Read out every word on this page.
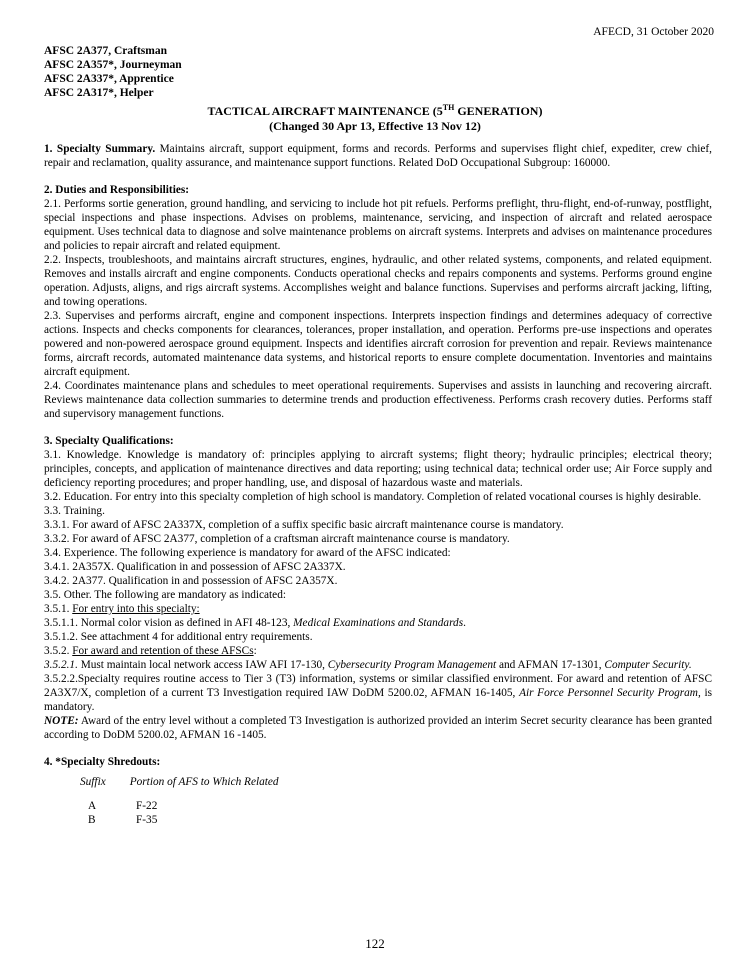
AFECD, 31 October 2020
AFSC 2A377, Craftsman
AFSC 2A357*, Journeyman
AFSC 2A337*, Apprentice
AFSC 2A317*, Helper
TACTICAL AIRCRAFT MAINTENANCE (5TH GENERATION)
(Changed 30 Apr 13, Effective 13 Nov 12)

1. Specialty Summary. Maintains aircraft, support equipment, forms and records. Performs and supervises flight chief, expediter, crew chief, repair and reclamation, quality assurance, and maintenance support functions. Related DoD Occupational Subgroup: 160000.

2. Duties and Responsibilities:

2.1. Performs sortie generation, ground handling, and servicing to include hot pit refuels. Performs preflight, thru-flight, end-of-runway, postflight, special inspections and phase inspections. Advises on problems, maintenance, servicing, and inspection of aircraft and related aerospace equipment. Uses technical data to diagnose and solve maintenance problems on aircraft systems. Interprets and advises on maintenance procedures and policies to repair aircraft and related equipment.

2.2. Inspects, troubleshoots, and maintains aircraft structures, engines, hydraulic, and other related systems, components, and related equipment. Removes and installs aircraft and engine components. Conducts operational checks and repairs components and systems. Performs ground engine operation. Adjusts, aligns, and rigs aircraft systems. Accomplishes weight and balance functions. Supervises and performs aircraft jacking, lifting, and towing operations.

2.3. Supervises and performs aircraft, engine and component inspections. Interprets inspection findings and determines adequacy of corrective actions. Inspects and checks components for clearances, tolerances, proper installation, and operation. Performs pre-use inspections and operates powered and non-powered aerospace ground equipment. Inspects and identifies aircraft corrosion for prevention and repair. Reviews maintenance forms, aircraft records, automated maintenance data systems, and historical reports to ensure complete documentation. Inventories and maintains aircraft equipment.

2.4. Coordinates maintenance plans and schedules to meet operational requirements. Supervises and assists in launching and recovering aircraft. Reviews maintenance data collection summaries to determine trends and production effectiveness. Performs crash recovery duties. Performs staff and supervisory management functions.

3. Specialty Qualifications:

3.1. Knowledge. Knowledge is mandatory of: principles applying to aircraft systems; flight theory; hydraulic principles; electrical theory; principles, concepts, and application of maintenance directives and data reporting; using technical data; technical order use; Air Force supply and deficiency reporting procedures; and proper handling, use, and disposal of hazardous waste and materials.

3.2. Education. For entry into this specialty completion of high school is mandatory. Completion of related vocational courses is highly desirable.

3.3. Training.

3.3.1. For award of AFSC 2A337X, completion of a suffix specific basic aircraft maintenance course is mandatory.

3.3.2. For award of AFSC 2A377, completion of a craftsman aircraft maintenance course is mandatory.

3.4. Experience. The following experience is mandatory for award of the AFSC indicated:

3.4.1. 2A357X. Qualification in and possession of AFSC 2A337X.

3.4.2. 2A377. Qualification in and possession of AFSC 2A357X.

3.5. Other. The following are mandatory as indicated:

3.5.1. For entry into this specialty:

3.5.1.1. Normal color vision as defined in AFI 48-123, Medical Examinations and Standards.

3.5.1.2. See attachment 4 for additional entry requirements.

3.5.2. For award and retention of these AFSCs:

3.5.2.1. Must maintain local network access IAW AFI 17-130, Cybersecurity Program Management and AFMAN 17-1301, Computer Security.

3.5.2.2.Specialty requires routine access to Tier 3 (T3) information, systems or similar classified environment. For award and retention of AFSC 2A3X7/X, completion of a current T3 Investigation required IAW DoDM 5200.02, AFMAN 16-1405, Air Force Personnel Security Program, is mandatory.

NOTE: Award of the entry level without a completed T3 Investigation is authorized provided an interim Secret security clearance has been granted according to DoDM 5200.02, AFMAN 16 -1405.

4. *Specialty Shredouts:

Suffix Portion of AFS to Which Related
A	F-22
B	F-35
122
